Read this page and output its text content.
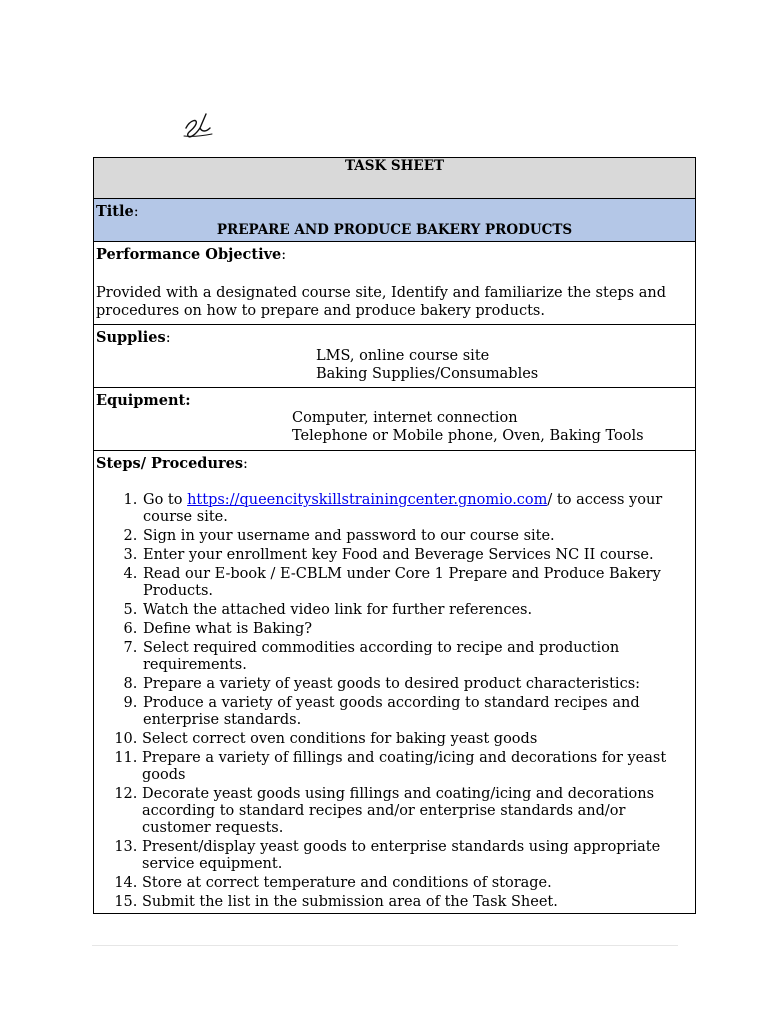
TASK SHEET

Title:
PREPARE AND PRODUCE BAKERY PRODUCTS

Performance Objective:
Provided with a designated course site, Identify and familiarize the steps and procedures on how to prepare and produce bakery products.

Supplies:
LMS, online course site
Baking Supplies/Consumables

Equipment:
Computer, internet connection
Telephone or Mobile phone, Oven, Baking Tools

Steps/ Procedures:
1. Go to https://queencityskillstrainingcenter.gnomio.com/ to access your course site.
2. Sign in your username and password to our course site.
3. Enter your enrollment key Food and Beverage Services NC II course.
4. Read our E-book / E-CBLM under Core 1 Prepare and Produce Bakery Products.
5. Watch the attached video link for further references.
6. Define what is Baking?
7. Select required commodities according to recipe and production requirements.
8. Prepare a variety of yeast goods to desired product characteristics:
9. Produce a variety of yeast goods according to standard recipes and enterprise standards.
10. Select correct oven conditions for baking yeast goods
11. Prepare a variety of fillings and coating/icing and decorations for yeast goods
12. Decorate yeast goods using fillings and coating/icing and decorations according to standard recipes and/or enterprise standards and/or customer requests.
13. Present/display yeast goods to enterprise standards using appropriate service equipment.
14. Store at correct temperature and conditions of storage.
15. Submit the list in the submission area of the Task Sheet.
